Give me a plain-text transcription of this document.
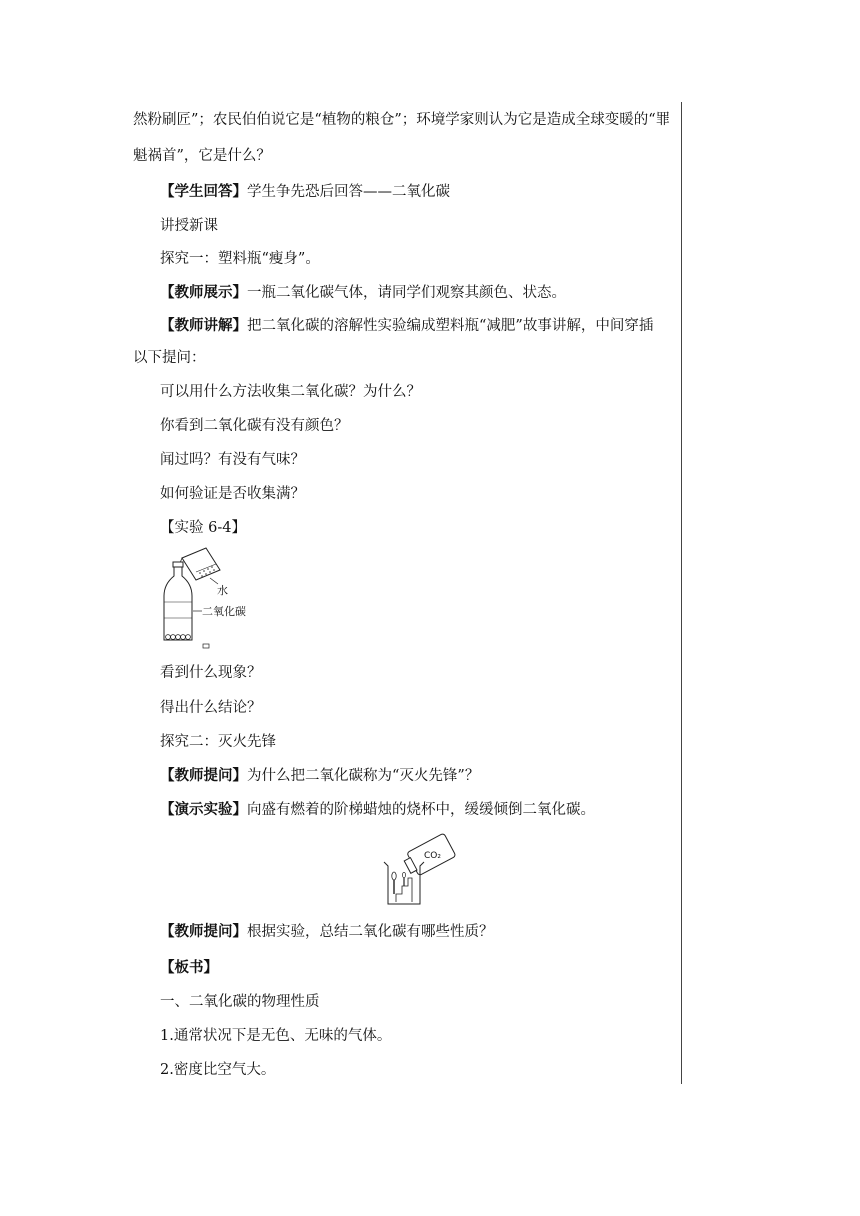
然粉刷匠”；农民伯伯说它是“植物的粮仓”；环境学家则认为它是造成全球变暖的“罪
魁祸首”，它是什么？
【学生回答】学生争先恐后回答——二氧化碳
讲授新课
探究一：塑料瓶“瘦身”。
【教师展示】一瓶二氧化碳气体，请同学们观察其颜色、状态。
【教师讲解】把二氧化碳的溶解性实验编成塑料瓶“减肥”故事讲解，中间穿插
以下提问：
可以用什么方法收集二氧化碳？为什么？
你看到二氧化碳有没有颜色？
闻过吗？有没有气味？
如何验证是否收集满？
【实验 6-4】
水
二氧化碳
看到什么现象？
得出什么结论？
探究二：灭火先锋
【教师提问】为什么把二氧化碳称为“灭火先锋”？
【演示实验】向盛有燃着的阶梯蜡烛的烧杯中，缓缓倾倒二氧化碳。
CO₂
【教师提问】根据实验，总结二氧化碳有哪些性质？
【板书】
一、二氧化碳的物理性质
1.通常状况下是无色、无味的气体。
2.密度比空气大。
